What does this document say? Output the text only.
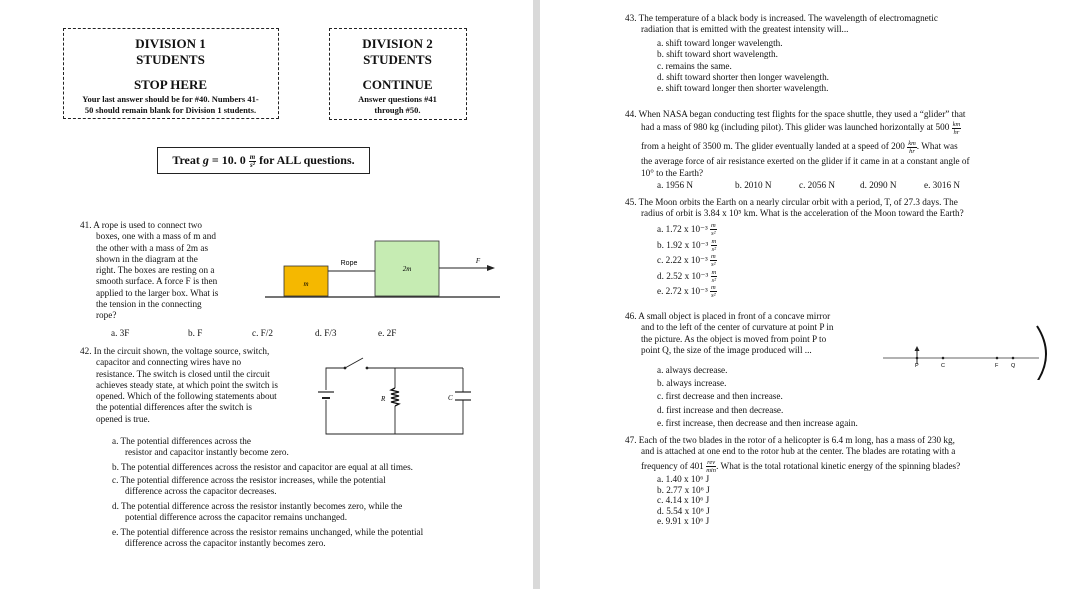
DIVISION 1
STUDENTS
STOP HERE
Your last answer should be for #40. Numbers 41-
50 should remain blank for Division 1 students.
DIVISION 2
STUDENTS
CONTINUE
Answer questions #41
through #50.
Treat g = 10. $0 \frac{m}{\text{s²}}$ for ALL questions.
41. A rope is used to connect two
boxes, one with a mass of m and
the other with a mass of 2m as
shown in the diagram at the
right. The boxes are resting on a
smooth surface. A force F is then
applied to the larger box. What is
the tension in the connecting
rope?
m
2m
Rope	F
a. 3F	b. F	c. F/2	d. F/3	e. 2F
42. In the circuit shown, the voltage source, switch,
capacitor and connecting wires have no
resistance. The switch is closed until the circuit
achieves steady state, at which point the switch is
opened. Which of the following statements about
the potential differences after the switch is
opened is true.
R	C
a. The potential differences across the
resistor and capacitor instantly become zero.
b. The potential differences across the resistor and capacitor are equal at all times.
c. The potential difference across the resistor increases, while the potential
difference across the capacitor decreases.
d. The potential difference across the resistor instantly becomes zero, while the
potential difference across the capacitor remains unchanged.
e. The potential difference across the resistor remains unchanged, while the potential
difference across the capacitor instantly becomes zero.
43. The temperature of a black body is increased. The wavelength of electromagnetic
radiation that is emitted with the greatest intensity will...
a. shift toward longer wavelength.
b. shift toward short wavelength.
c. remains the same.
d. shift toward shorter then longer wavelength.
e. shift toward longer then shorter wavelength.
44. When NASA began conducting test flights for the space shuttle, they used a “glider” that
had a mass of 980 kg (including pilot). This glider was launched horizontally at $500 \frac{km}{hr}$
from a height of 3500 m. The glider eventually landed at a speed of $200 \frac{km}{hr}$ . What was
the average force of air resistance exerted on the glider if it came in at a constant angle of
10° to the Earth?
a. 1956 N	b. 2010 N	c. 2056 N	d. 2090 N	e. 3016 N
45. The Moon orbits the Earth on a nearly circular orbit with a period, T, of 27.3 days. The
radius of orbit is 3.84 x 10⁵ km. What is the acceleration of the Moon toward the Earth?
a. 1.72 x $10^{-3} \frac{m}{\text{s²}}$
b. 1.92 x $10^{-3} \frac{m}{\text{s²}}$
c. 2.22 x $10^{-3} \frac{m}{\text{s²}}$
d. 2.52 x $10^{-3} \frac{m}{\text{s²}}$
e. 2.72 x $10^{-3} \frac{m}{\text{s²}}$
46. A small object is placed in front of a concave mirror
and to the left of the center of curvature at point P in
the picture. As the object is moved from point P to
point Q, the size of the image produced will ...
a. always decrease.
b. always increase.
c. first decrease and then increase.
d. first increase and then decrease.
e. first increase, then decrease and then increase again.
P	C	F Q
47. Each of the two blades in the rotor of a helicopter is 6.4 m long, has a mass of 230 kg,
and is attached at one end to the rotor hub at the center. The blades are rotating with a
frequency of $401 \frac{\text{rev}}{\min}$ . What is the total rotational kinetic energy of the spinning blades?
a. 1.40 x 10⁶ J
b. 2.77 x 10⁶ J
c. 4.14 x 10⁶ J
d. 5.54 x 10⁶ J
e. 9.91 x 10⁶ J
